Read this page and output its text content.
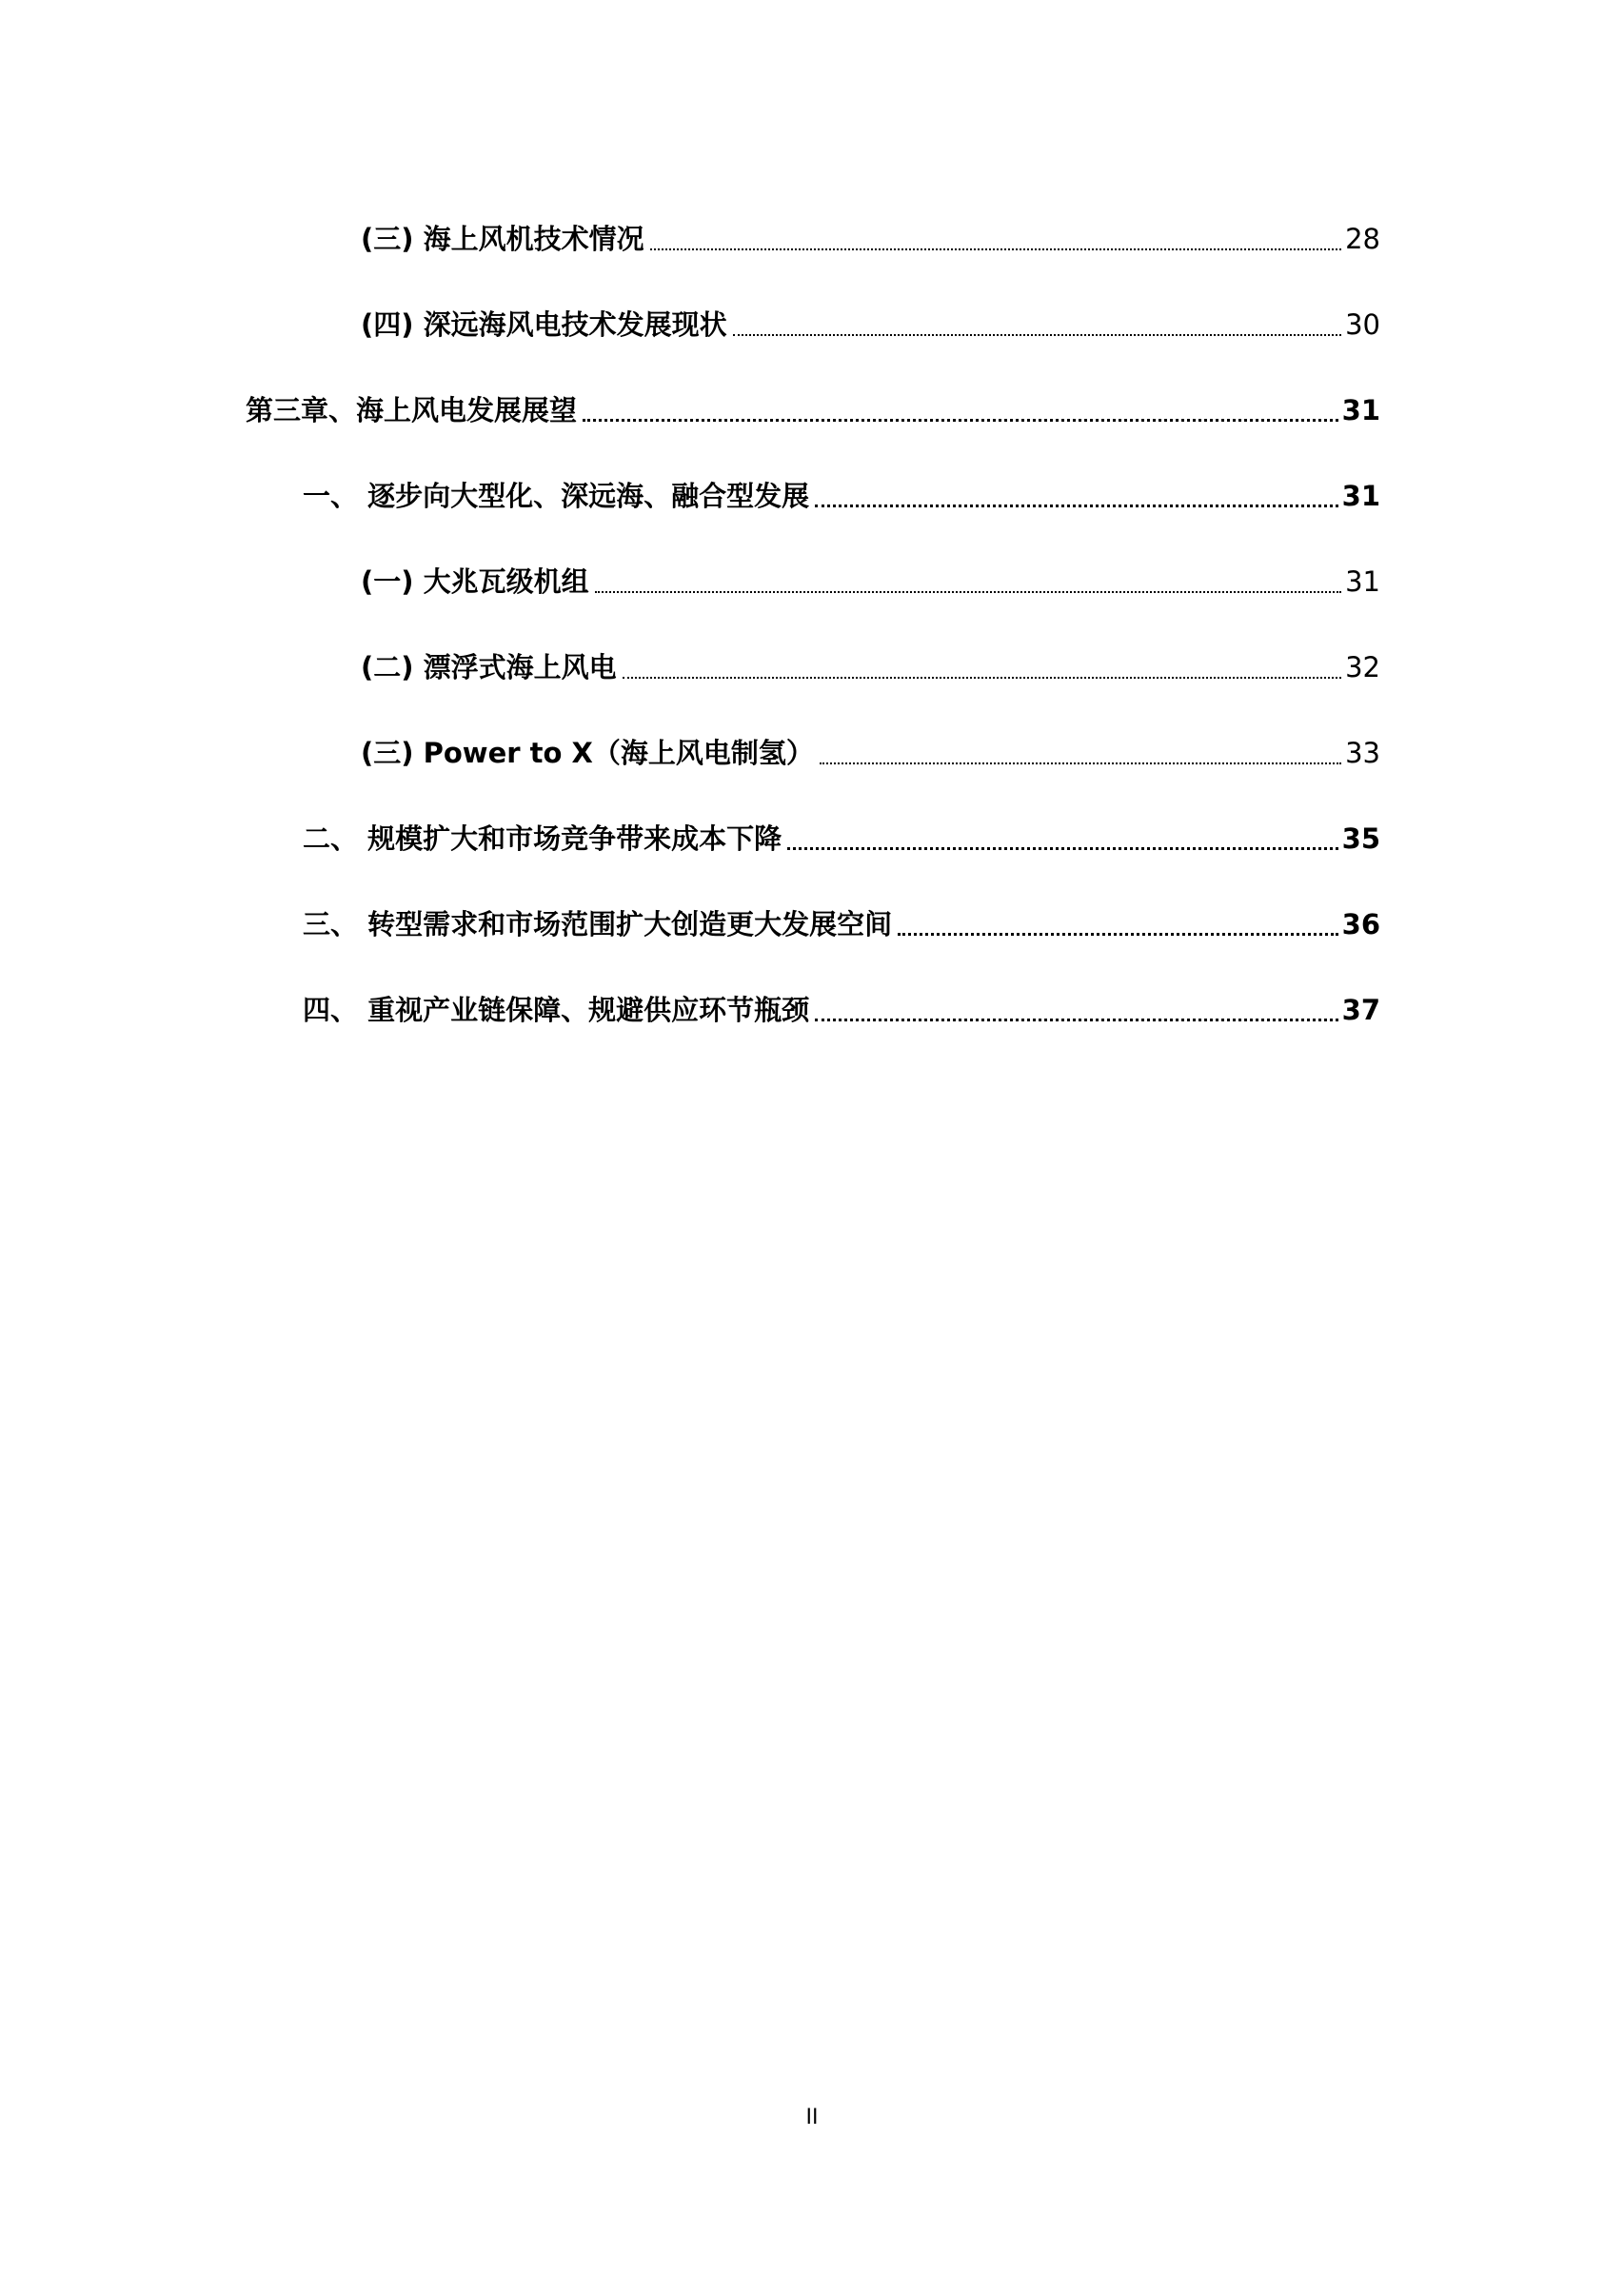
(三) 海上风机技术情况	28
(四) 深远海风电技术发展现状	30
第三章、海上风电发展展望	31
一、 逐步向大型化、深远海、融合型发展	31
(一) 大兆瓦级机组	31
(二) 漂浮式海上风电	32
(三) Power to X（海上风电制氢）	33
二、 规模扩大和市场竞争带来成本下降	35
三、 转型需求和市场范围扩大创造更大发展空间	36
四、 重视产业链保障、规避供应环节瓶颈	37
II
